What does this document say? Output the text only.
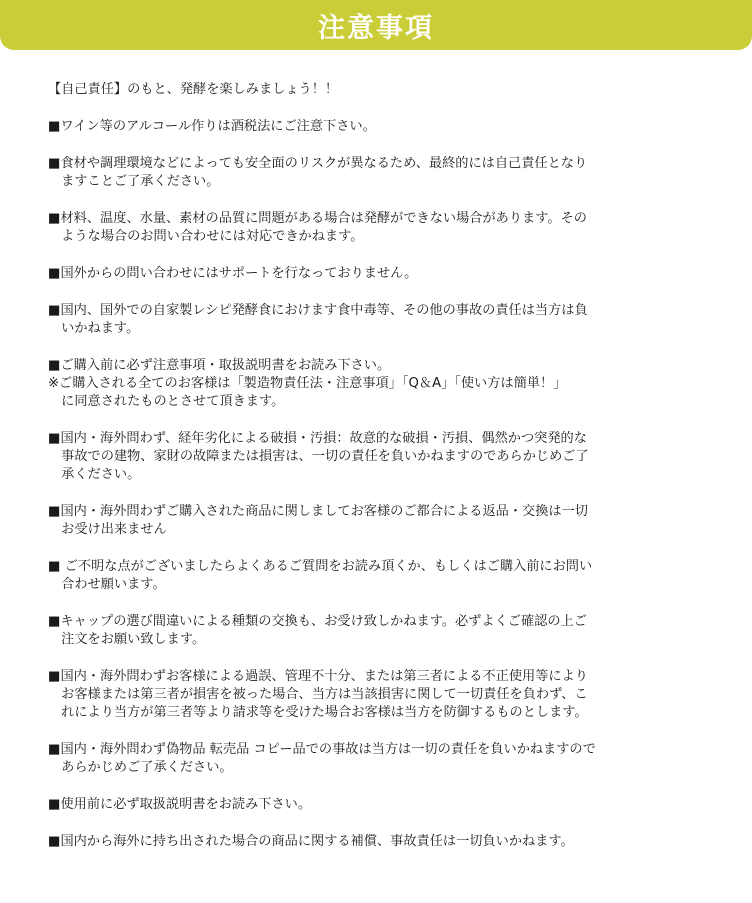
注意事項

【自己責任】のもと、発酵を楽しみましょう！！

■ワイン等のアルコール作りは酒税法にご注意下さい。

■食材や調理環境などによっても安全面のリスクが異なるため、最終的には自己責任となり
　ますことご了承ください。

■材料、温度、水量、素材の品質に問題がある場合は発酵ができない場合があります。その
　ような場合のお問い合わせには対応できかねます。

■国外からの問い合わせにはサポートを行なっておりません。

■国内、国外での自家製レシピ発酵食におけます食中毒等、その他の事故の責任は当方は負
　いかねます。

■ご購入前に必ず注意事項・取扱説明書をお読み下さい。
※ご購入される全てのお客様は「製造物責任法・注意事項」「Q＆A」「使い方は簡単！」
　に同意されたものとさせて頂きます。

■国内・海外問わず、経年劣化による破損・汚損：故意的な破損・汚損、偶然かつ突発的な
　事故での建物、家財の故障または損害は、一切の責任を負いかねますのであらかじめご了
　承ください。

■国内・海外問わずご購入された商品に関しましてお客様のご都合による返品・交換は一切
　お受け出来ません

■ ご不明な点がございましたらよくあるご質問をお読み頂くか、もしくはご購入前にお問い
　合わせ願います。

■キャップの選び間違いによる種類の交換も、お受け致しかねます。必ずよくご確認の上ご
　注文をお願い致します。

■国内・海外問わずお客様による過誤、管理不十分、または第三者による不正使用等により
　お客様または第三者が損害を被った場合、当方は当該損害に関して一切責任を負わず、こ
　れにより当方が第三者等より請求等を受けた場合お客様は当方を防御するものとします。

■国内・海外問わず偽物品 転売品 コピー品での事故は当方は一切の責任を負いかねますので
　あらかじめご了承ください。

■使用前に必ず取扱説明書をお読み下さい。

■国内から海外に持ち出された場合の商品に関する補償、事故責任は一切負いかねます。
